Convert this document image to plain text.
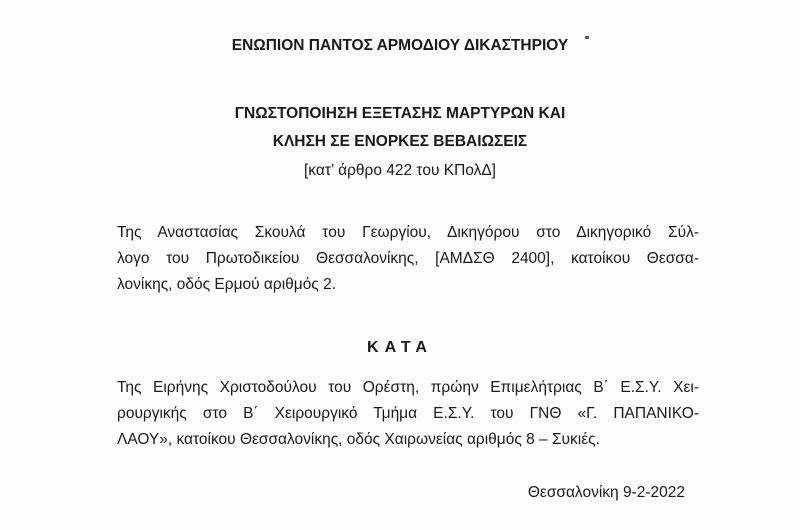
ΕΝΩΠΙΟΝ ΠΑΝΤΟΣ ΑΡΜΟΔΙΟΥ ΔΙΚΑΣΤΗΡΙΟΥ
ΓΝΩΣΤΟΠΟΙΗΣΗ ΕΞΕΤΑΣΗΣ ΜΑΡΤΥΡΩΝ ΚΑΙ
ΚΛΗΣΗ ΣΕ ΕΝΟΡΚΕΣ ΒΕΒΑΙΩΣΕΙΣ
[κατ’ άρθρο 422 του ΚΠολΔ]
Της Αναστασίας Σκουλά του Γεωργίου, Δικηγόρου στο Δικηγορικό Σύλ-
λογο του Πρωτοδικείου Θεσσαλονίκης, [ΑΜΔΣΘ 2400], κατοίκου Θεσσα-
λονίκης, οδός Ερμού αριθμός 2.
ΚΑΤΑ
Της Ειρήνης Χριστοδούλου του Ορέστη, πρώην Επιμελήτριας Β΄ Ε.Σ.Υ. Χει-
ρουργικής στο Β΄ Χειρουργικό Τμήμα Ε.Σ.Υ. του ΓΝΘ «Γ. ΠΑΠΑΝΙΚΟ-
ΛΑΟΥ», κατοίκου Θεσσαλονίκης, οδός Χαιρωνείας αριθμός 8 – Συκιές.
Θεσσαλονίκη 9-2-2022
